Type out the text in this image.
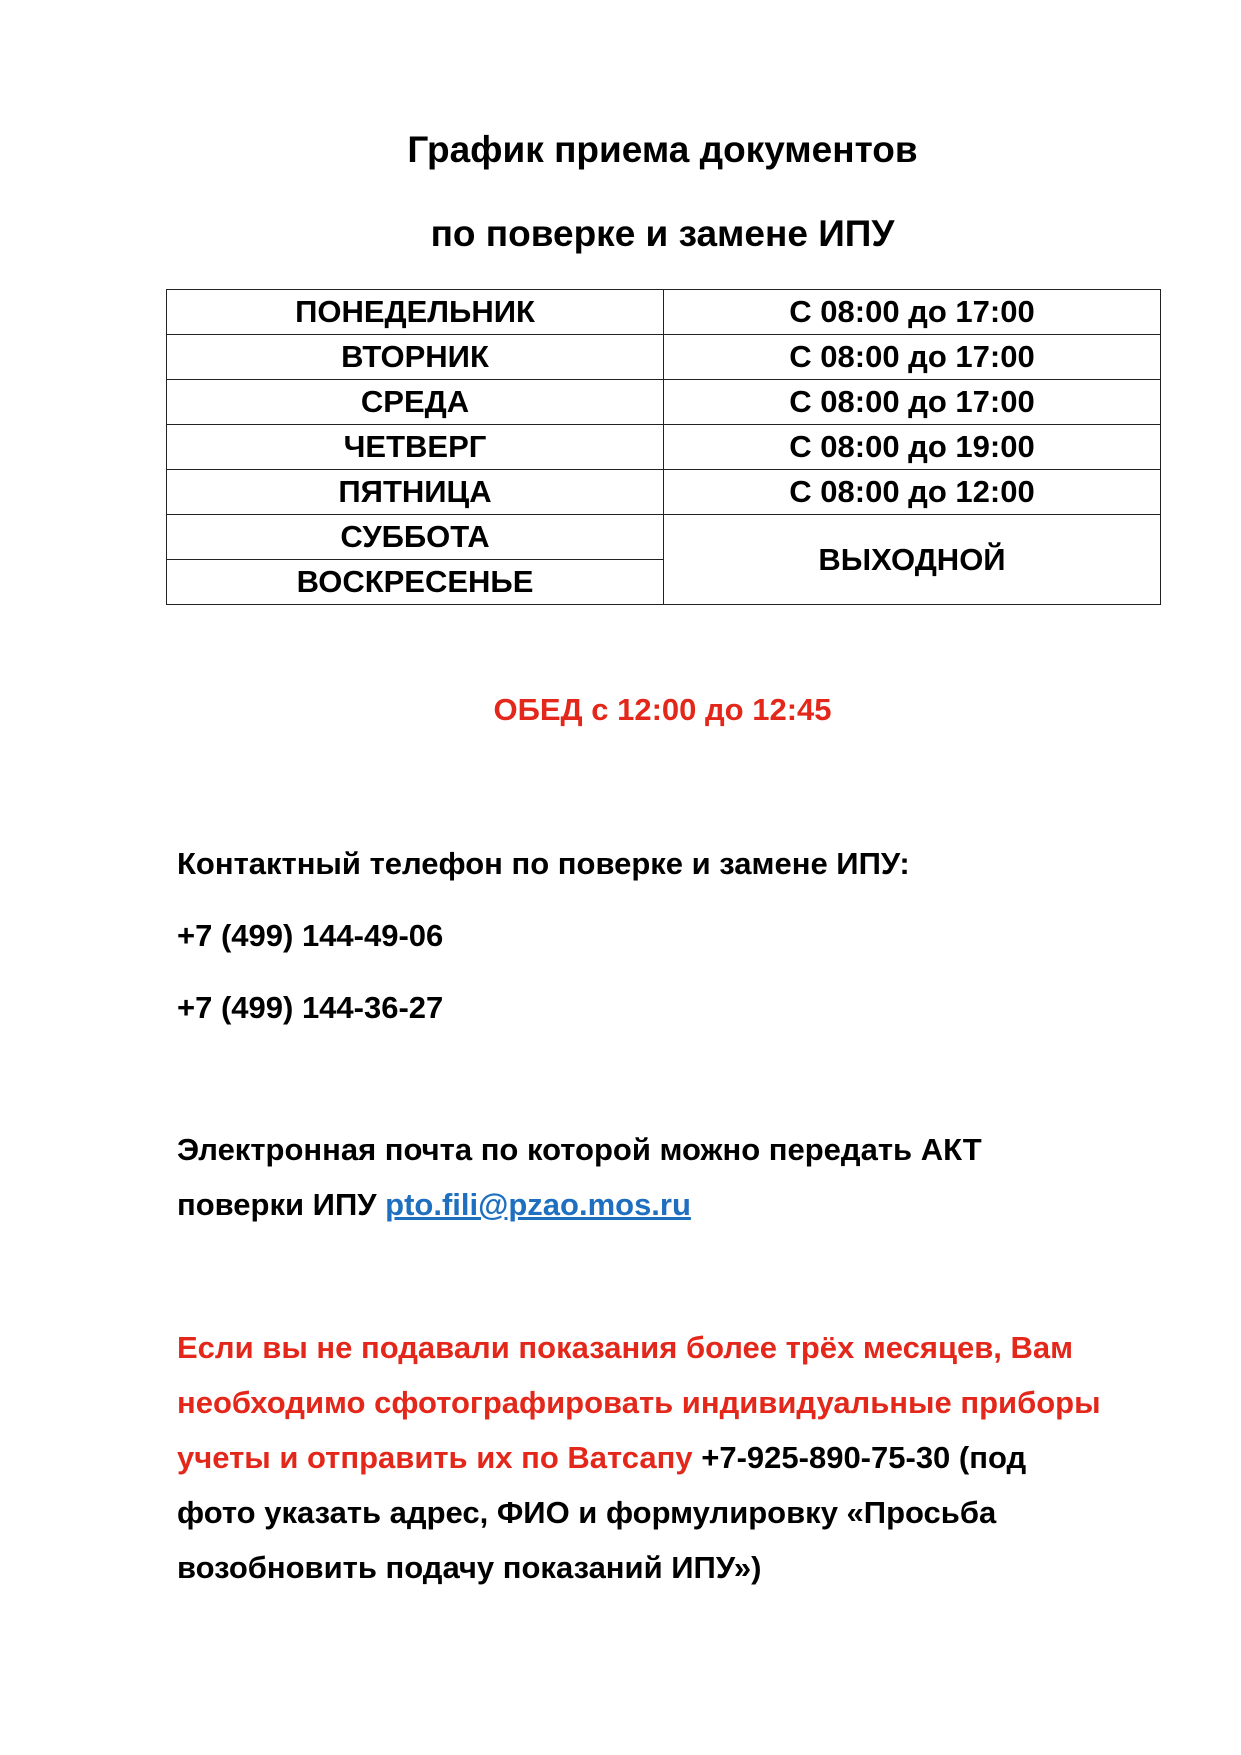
График приема документов
по поверке и замене ИПУ
ПОНЕДЕЛЬНИК	С 08:00 до 17:00
ВТОРНИК	С 08:00 до 17:00
СРЕДА	С 08:00 до 17:00
ЧЕТВЕРГ	С 08:00 до 19:00
ПЯТНИЦА	С 08:00 до 12:00
СУББОТА	ВЫХОДНОЙ
ВОСКРЕСЕНЬЕ	
ОБЕД с 12:00 до 12:45
Контактный телефон по поверке и замене ИПУ:
+7 (499) 144-49-06
+7 (499) 144-36-27
Электронная почта по которой можно передать АКТ
поверки ИПУ pto.fili@pzao.mos.ru
Если вы не подавали показания более трёх месяцев, Вам
необходимо сфотографировать индивидуальные приборы
учеты и отправить их по Ватсапу +7-925-890-75-30 (под
фото указать адрес, ФИО и формулировку «Просьба
возобновить подачу показаний ИПУ»)
